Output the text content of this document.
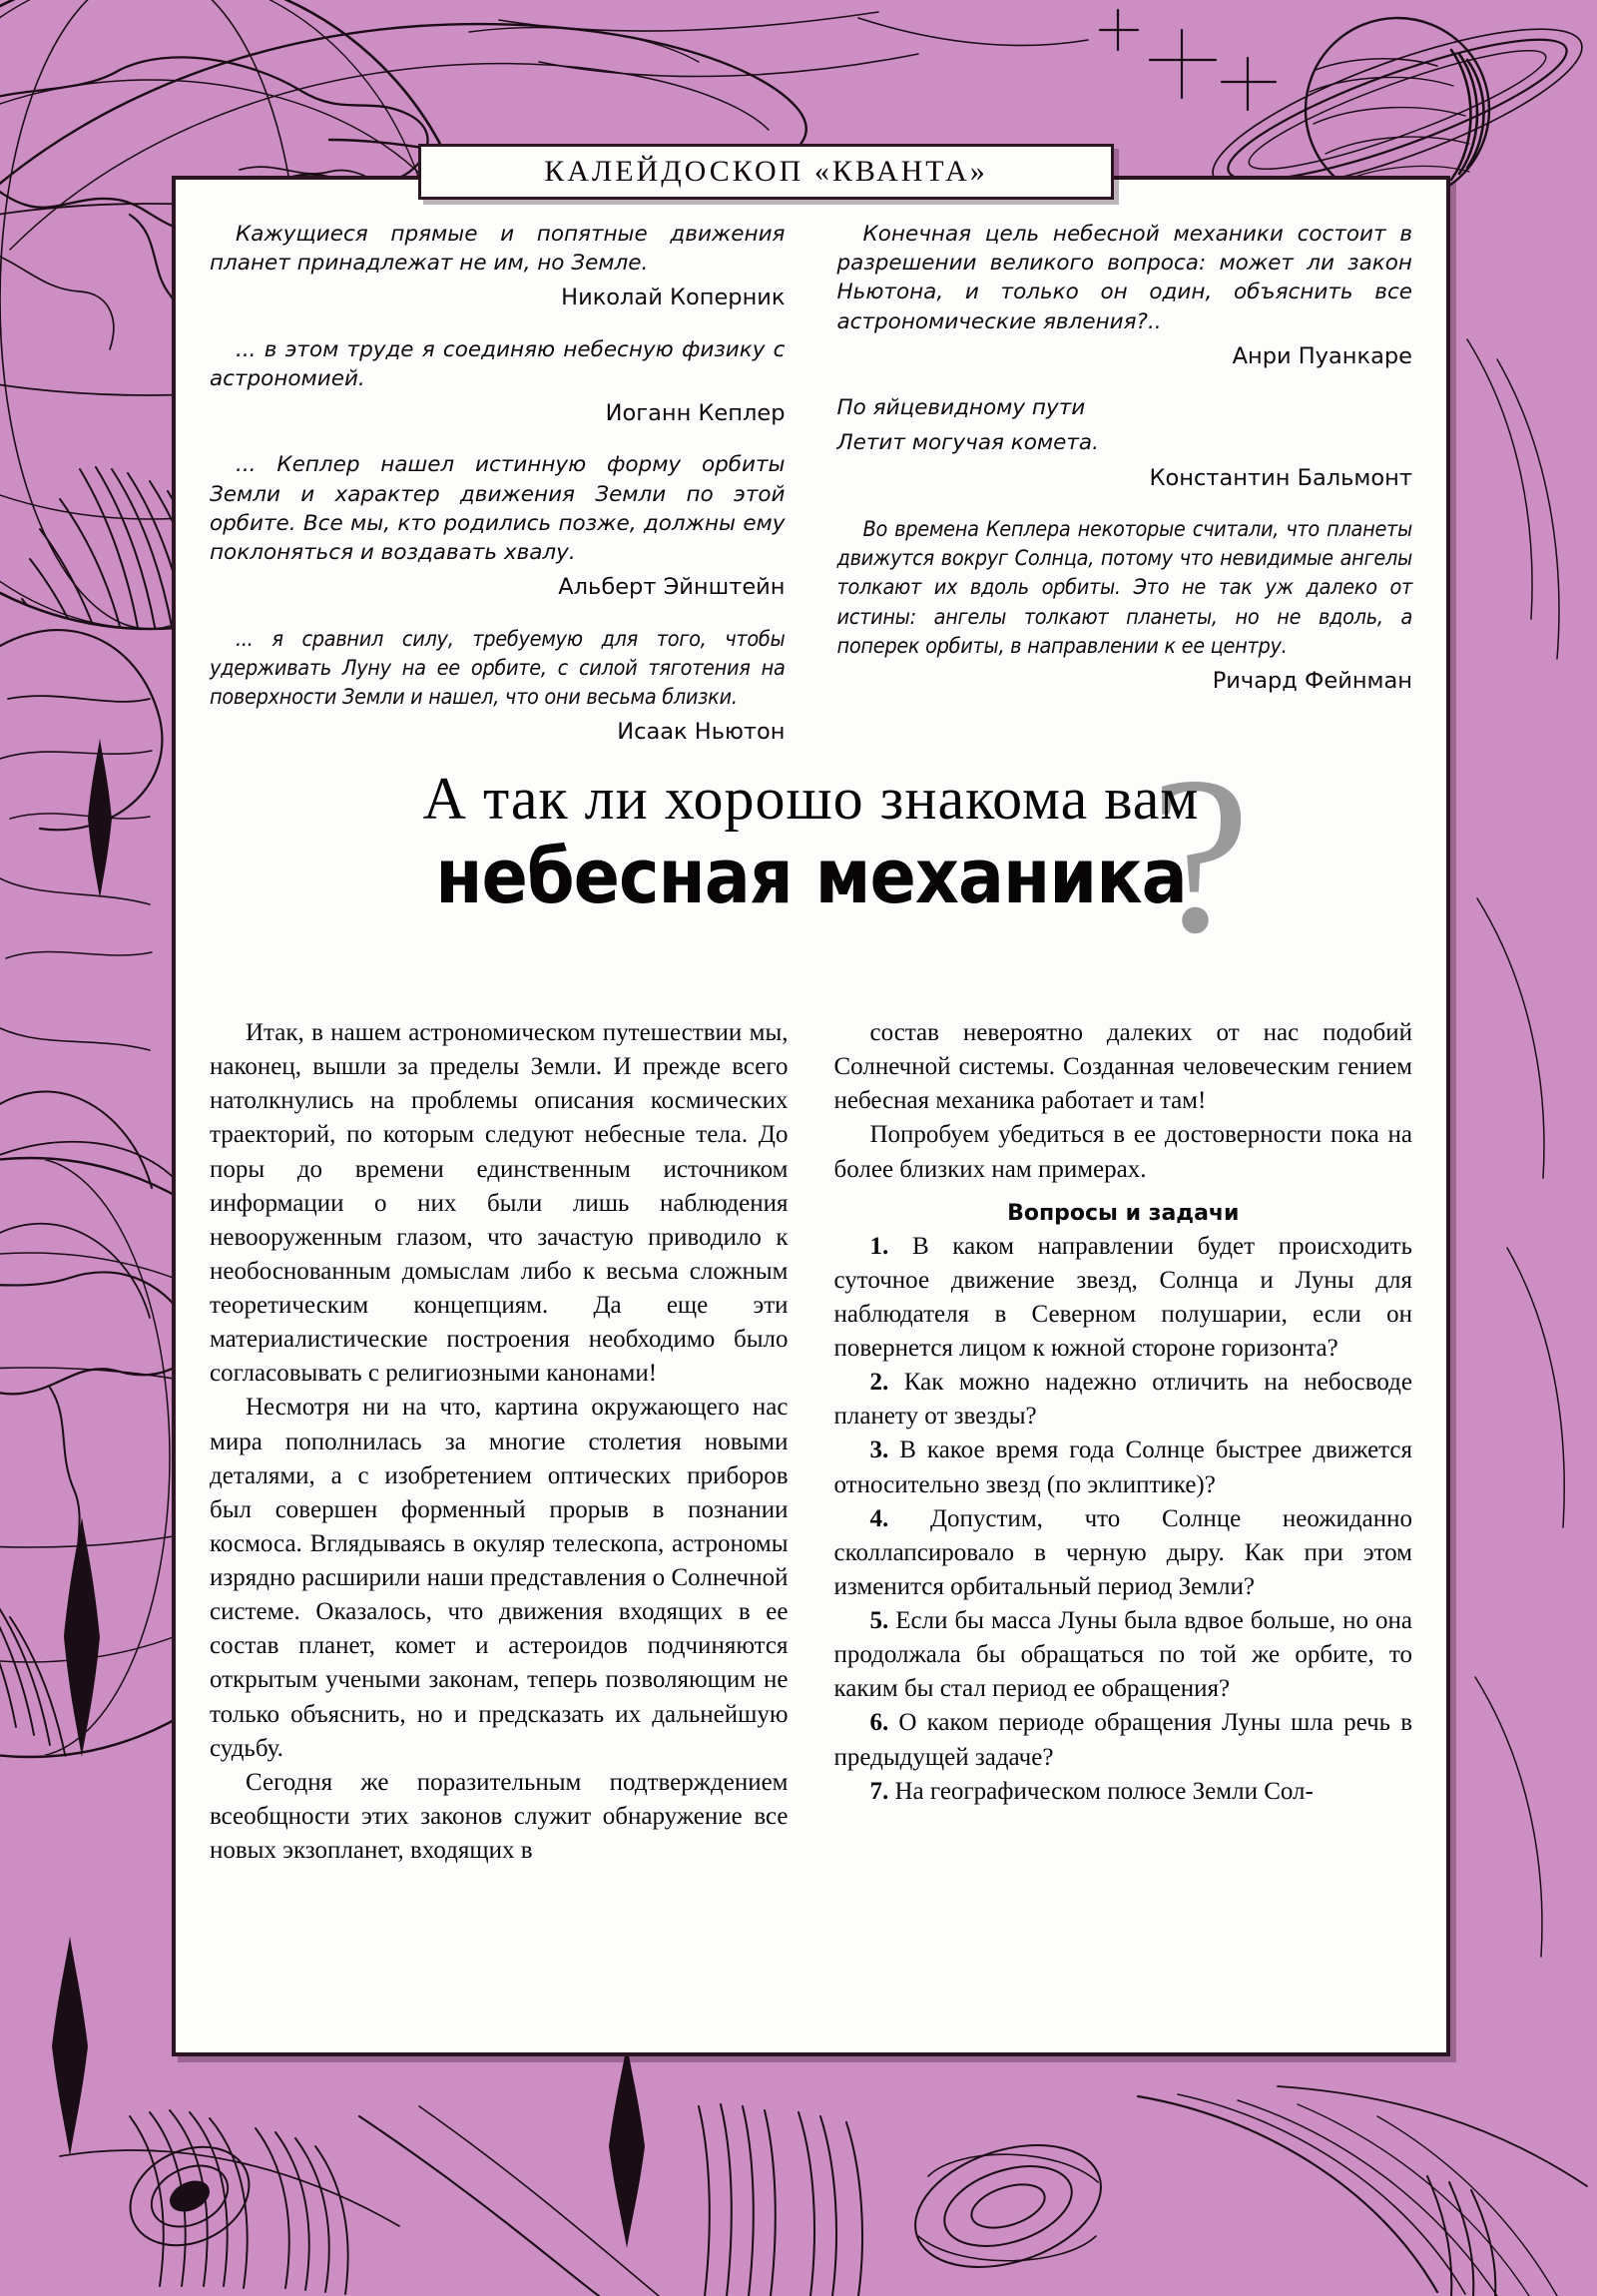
Кажущиеся прямые и попятные движения планет принадлежат не им, но Земле.

Николай Коперник

... в этом труде я соединяю небесную физику с астрономией.

Иоганн Кеплер

... Кеплер нашел истинную форму орбиты Земли и характер движения Земли по этой орбите. Все мы, кто родились позже, должны ему поклоняться и воздавать хвалу.

Альберт Эйнштейн

... я сравнил силу, требуемую для того, чтобы удерживать Луну на ее орбите, с силой тяготения на поверхности Земли и нашел, что они весьма близки.

Исаак Ньютон

Конечная цель небесной механики состоит в разрешении великого вопроса: может ли закон Ньютона, и только он один, объяснить все астрономические явления?..

Анри Пуанкаре

По яйцевидному пути

Летит могучая комета.

Константин Бальмонт

Во времена Кеплера некоторые считали, что планеты движутся вокруг Солнца, потому что невидимые ангелы толкают их вдоль орбиты. Это не так уж далеко от истины: ангелы толкают планеты, но не вдоль, а поперек орбиты, в направлении к ее центру.

Ричард Фейнман

А так ли хорошо знакома вам
?
небесная механика

Итак, в нашем астрономическом путешествии мы, наконец, вышли за пределы Земли. И прежде всего натолкнулись на проблемы описания космических траекторий, по которым следуют небесные тела. До поры до времени единственным источником информации о них были лишь наблюдения невооруженным глазом, что зачастую приводило к необоснованным домыслам либо к весьма сложным теоретическим концепциям. Да еще эти материалистические построения необходимо было согласовывать с религиозными канонами!

Несмотря ни на что, картина окружающего нас мира пополнилась за многие столетия новыми деталями, а с изобретением оптических приборов был совершен форменный прорыв в познании космоса. Вглядываясь в окуляр телескопа, астрономы изрядно расширили наши представления о Солнечной системе. Оказалось, что движения входящих в ее состав планет, комет и астероидов подчиняются открытым учеными законам, теперь позволяющим не только объяснить, но и предсказать их дальнейшую судьбу.

Сегодня же поразительным подтверждением всеобщности этих законов служит обнаружение все новых экзопланет, входящих в

состав невероятно далеких от нас подобий Солнечной системы. Созданная человеческим гением небесная механика работает и там!

Попробуем убедиться в ее достоверности пока на более близких нам примерах.

Вопросы и задачи

1. В каком направлении будет происходить суточное движение звезд, Солнца и Луны для наблюдателя в Северном полушарии, если он повернется лицом к южной стороне горизонта?

2. Как можно надежно отличить на небосводе планету от звезды?

3. В какое время года Солнце быстрее движется относительно звезд (по эклиптике)?

4. Допустим, что Солнце неожиданно сколлапсировало в черную дыру. Как при этом изменится орбитальный период Земли?

5. Если бы масса Луны была вдвое больше, но она продолжала бы обращаться по той же орбите, то каким бы стал период ее обращения?

6. О каком периоде обращения Луны шла речь в предыдущей задаче?

7. На географическом полюсе Земли Сол-

КАЛЕЙДОСКОП «КВАНТА»
